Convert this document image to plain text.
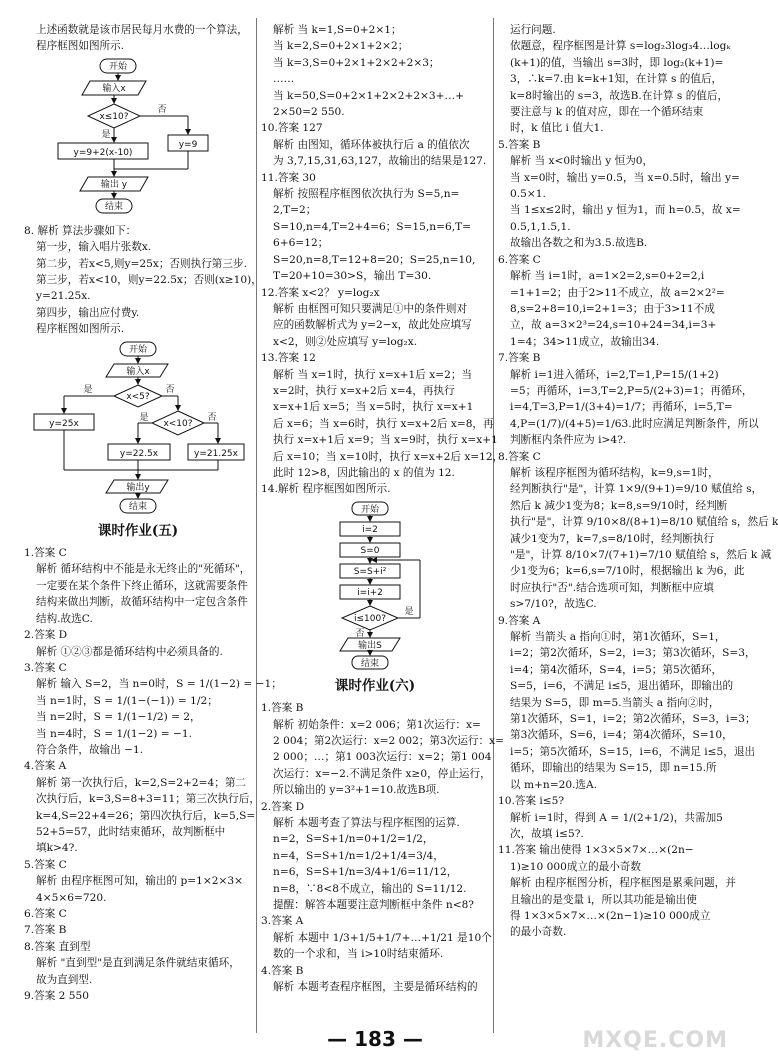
上述函数就是该市居民每月水费的一个算法，
程序框图如图所示.
开始
输入x
x≤10?
是
否
y=9+2(x-10)
y=9
输出 y
结束
8. 解析 算法步骤如下：
第一步，输入唱片张数x.
第二步，若x<5,则y=25x；否则执行第三步.
第三步，若x<10，则y=22.5x；否则(x≥10)，
y=21.25x.
第四步，输出应付费y.
程序框图如图所示.
开始
输入x
x<5?
是	否
y=25x	x<10?
是	否
y=22.5x	y=21.25x
输出y
结束
课时作业(五)
1.答案 C
解析 循环结构中不能是永无终止的"死循环"，
一定要在某个条件下终止循环，这就需要条件
结构来做出判断，故循环结构中一定包含条件
结构.故选C.
2.答案 D
解析 ①②③都是循环结构中必须具备的.
3.答案 C
解析 输入 S=2，当 n=0时，S = 1/(1−2) = −1；
当 n=1时，S = 1/(1−(−1)) = 1/2；
当 n=2时，S = 1/(1−1/2) = 2，
当 n=4时，S = 1/(1−2) = −1.
符合条件，故输出 −1.
4.答案 A
解析 第一次执行后，k=2,S=2+2=4；第二
次执行后，k=3,S=8+3=11；第三次执行后，
k=4,S=22+4=26；第四次执行后，k=5,S=
52+5=57，此时结束循环，故判断框中
填k>4?.
5.答案 C
解析 由程序框图可知，输出的 p=1×2×3×
4×5×6=720.
6.答案 C
7.答案 B
8.答案 直到型
解析 "直到型"是直到满足条件就结束循环，
故为直到型.
9.答案 2 550
解析 当 k=1,S=0+2×1；
当 k=2,S=0+2×1+2×2；
当 k=3,S=0+2×1+2×2+2×3；
……
当 k=50,S=0+2×1+2×2+2×3+…+
2×50=2 550.
10.答案 127
解析 由图知，循环体被执行后 a 的值依次
为 3,7,15,31,63,127，故输出的结果是127.
11.答案 30
解析 按照程序框图依次执行为 S=5,n=
2,T=2；
S=10,n=4,T=2+4=6；S=15,n=6,T=
6+6=12；
S=20,n=8,T=12+8=20；S=25,n=10,
T=20+10=30>S，输出 T=30.
12.答案 x<2？ y=log₂x
解析 由框图可知只要满足①中的条件则对
应的函数解析式为 y=2−x，故此处应填写
x<2，则②处应填写 y=log₂x.
13.答案 12
解析 当 x=1时，执行 x=x+1后 x=2；当
x=2时，执行 x=x+2后 x=4，再执行
x=x+1后 x=5；当 x=5时，执行 x=x+1
后 x=6；当 x=6时，执行 x=x+2后 x=8，再
执行 x=x+1后 x=9；当 x=9时，执行 x=x+1
后 x=10；当 x=10时，执行 x=x+2后 x=12，
此时 12>8，因此输出的 x 的值为 12.
14.解析 程序框图如图所示.
开始
i=2
S=0
S=S+i²
i=i+2
i≤100?
是
否
输出S
结束
课时作业(六)
1.答案 B
解析 初始条件：x=2 006；第1次运行：x=
2 004；第2次运行：x=2 002；第3次运行：x=
2 000；…；第1 003次运行：x=2；第1 004
次运行：x=−2.不满足条件 x≥0，停止运行，
所以输出的 y=3²+1=10.故选B项.
2.答案 D
解析 本题考查了算法与程序框图的运算.
n=2，S=S+1/n=0+1/2=1/2，
n=4，S=S+1/n=1/2+1/4=3/4，
n=6，S=S+1/n=3/4+1/6=11/12，
n=8，∵8<8不成立，输出的 S=11/12.
提醒：解答本题要注意判断框中条件 n<8?
3.答案 A
解析 本题中 1/3+1/5+1/7+…+1/21 是10个
数的一个求和，当 i>10时结束循环.
4.答案 B
解析 本题考查程序框图，主要是循环结构的
运行问题.
依题意，程序框图是计算 s=log₂3log₃4…logₖ
(k+1)的值，当输出 s=3时，即 log₂(k+1)=
3，∴k=7.由 k=k+1知，在计算 s 的值后，
k=8时输出的 s=3，故选B.在计算 s 的值后，
要注意与 k 的值对应，即在一个循环结束
时，k 值比 i 值大1.
5.答案 B
解析 当 x<0时输出 y 恒为0，
当 x=0时，输出 y=0.5，当 x=0.5时，输出 y=
0.5×1.
当 1≤x≤2时，输出 y 恒为1，而 h=0.5，故 x=
0.5,1,1.5,1.
故输出各数之和为3.5.故选B.
6.答案 C
解析 当 i=1时，a=1×2=2,s=0+2=2,i
=1+1=2；由于2>11不成立，故 a=2×2²=
8,s=2+8=10,i=2+1=3；由于3>11不成
立，故 a=3×2³=24,s=10+24=34,i=3+
1=4；34>11成立，故输出34.
7.答案 B
解析 i=1进入循环，i=2,T=1,P=15/(1+2)
=5；再循环，i=3,T=2,P=5/(2+3)=1；再循环，
i=4,T=3,P=1/(3+4)=1/7；再循环，i=5,T=
4,P=(1/7)/(4+5)=1/63.此时应满足判断条件，所以
判断框内条件应为 i>4?.
8.答案 C
解析 该程序框图为循环结构，k=9,s=1时，
经判断执行"是"，计算 1×9/(9+1)=9/10 赋值给 s，
然后 k 减少1变为8；k=8,s=9/10时，经判断
执行"是"，计算 9/10×8/(8+1)=8/10 赋值给 s，然后 k
减少1变为7，k=7,s=8/10时，经判断执行
"是"，计算 8/10×7/(7+1)=7/10 赋值给 s，然后 k 减
少1变为6；k=6,s=7/10时，根据输出 k 为6，此
时应执行"否".结合选项可知，判断框中应填
s>7/10?，故选C.
9.答案 A
解析 当箭头 a 指向①时，第1次循环，S=1，
i=2；第2次循环，S=2，i=3；第3次循环，S=3，
i=4；第4次循环，S=4，i=5；第5次循环，
S=5，i=6，不满足 i≤5，退出循环，即输出的
结果为 S=5，即 m=5.当箭头 a 指向②时，
第1次循环，S=1，i=2；第2次循环，S=3，i=3；
第3次循环，S=6，i=4；第4次循环，S=10，
i=5；第5次循环，S=15，i=6，不满足 i≤5，退出
循环，即输出的结果为 S=15，即 n=15.所
以 m+n=20.选A.
10.答案 i≤5?
解析 i=1时，得到 A = 1/(2+1/2)，共需加5
次，故填 i≤5?.
11.答案 输出使得 1×3×5×7×…×(2n−
1)≥10 000成立的最小奇数
解析 由程序框图分析，程序框图是累乘问题，并
且输出的是变量 i，所以其功能是输出使
得 1×3×5×7×…×(2n−1)≥10 000成立
的最小奇数.
— 183 —	MXQE.COM
